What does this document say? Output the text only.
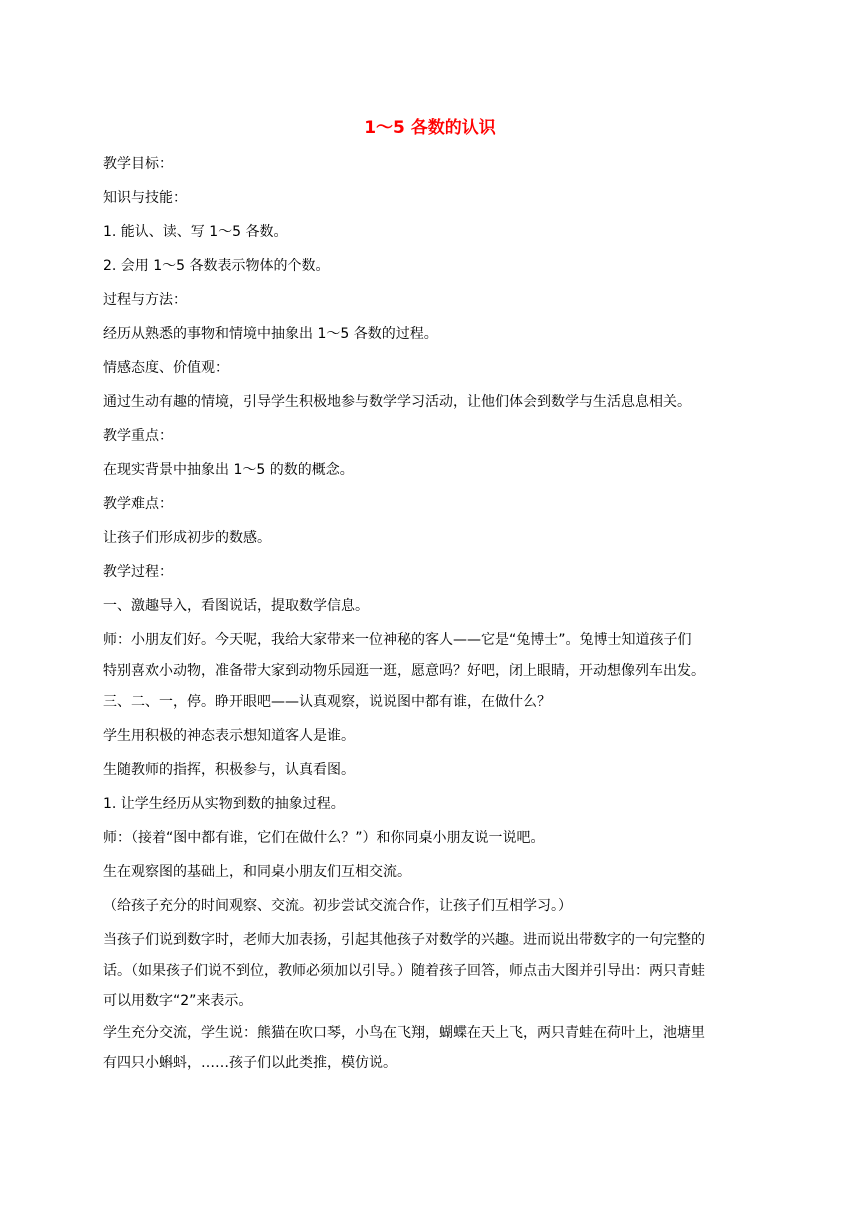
1～5 各数的认识
教学目标：
知识与技能：
1. 能认、读、写 1～5 各数。
2. 会用 1～5 各数表示物体的个数。
过程与方法：
经历从熟悉的事物和情境中抽象出 1～5 各数的过程。
情感态度、价值观：
通过生动有趣的情境，引导学生积极地参与数学学习活动，让他们体会到数学与生活息息相关。
教学重点：
在现实背景中抽象出 1～5 的数的概念。
教学难点：
让孩子们形成初步的数感。
教学过程：
一、激趣导入，看图说话，提取数学信息。
师：小朋友们好。今天呢，我给大家带来一位神秘的客人——它是“兔博士”。兔博士知道孩子们
特别喜欢小动物，准备带大家到动物乐园逛一逛，愿意吗？好吧，闭上眼睛，开动想像列车出发。
三、二、一，停。睁开眼吧——认真观察，说说图中都有谁，在做什么？
学生用积极的神态表示想知道客人是谁。
生随教师的指挥，积极参与，认真看图。
1. 让学生经历从实物到数的抽象过程。
师：（接着“图中都有谁，它们在做什么？”）和你同桌小朋友说一说吧。
生在观察图的基础上，和同桌小朋友们互相交流。
（给孩子充分的时间观察、交流。初步尝试交流合作，让孩子们互相学习。）
当孩子们说到数字时，老师大加表扬，引起其他孩子对数学的兴趣。进而说出带数字的一句完整的
话。（如果孩子们说不到位，教师必须加以引导。）随着孩子回答，师点击大图并引导出：两只青蛙
可以用数字“2”来表示。
学生充分交流，学生说：熊猫在吹口琴，小鸟在飞翔，蝴蝶在天上飞，两只青蛙在荷叶上，池塘里
有四只小蝌蚪，……孩子们以此类推，模仿说。
